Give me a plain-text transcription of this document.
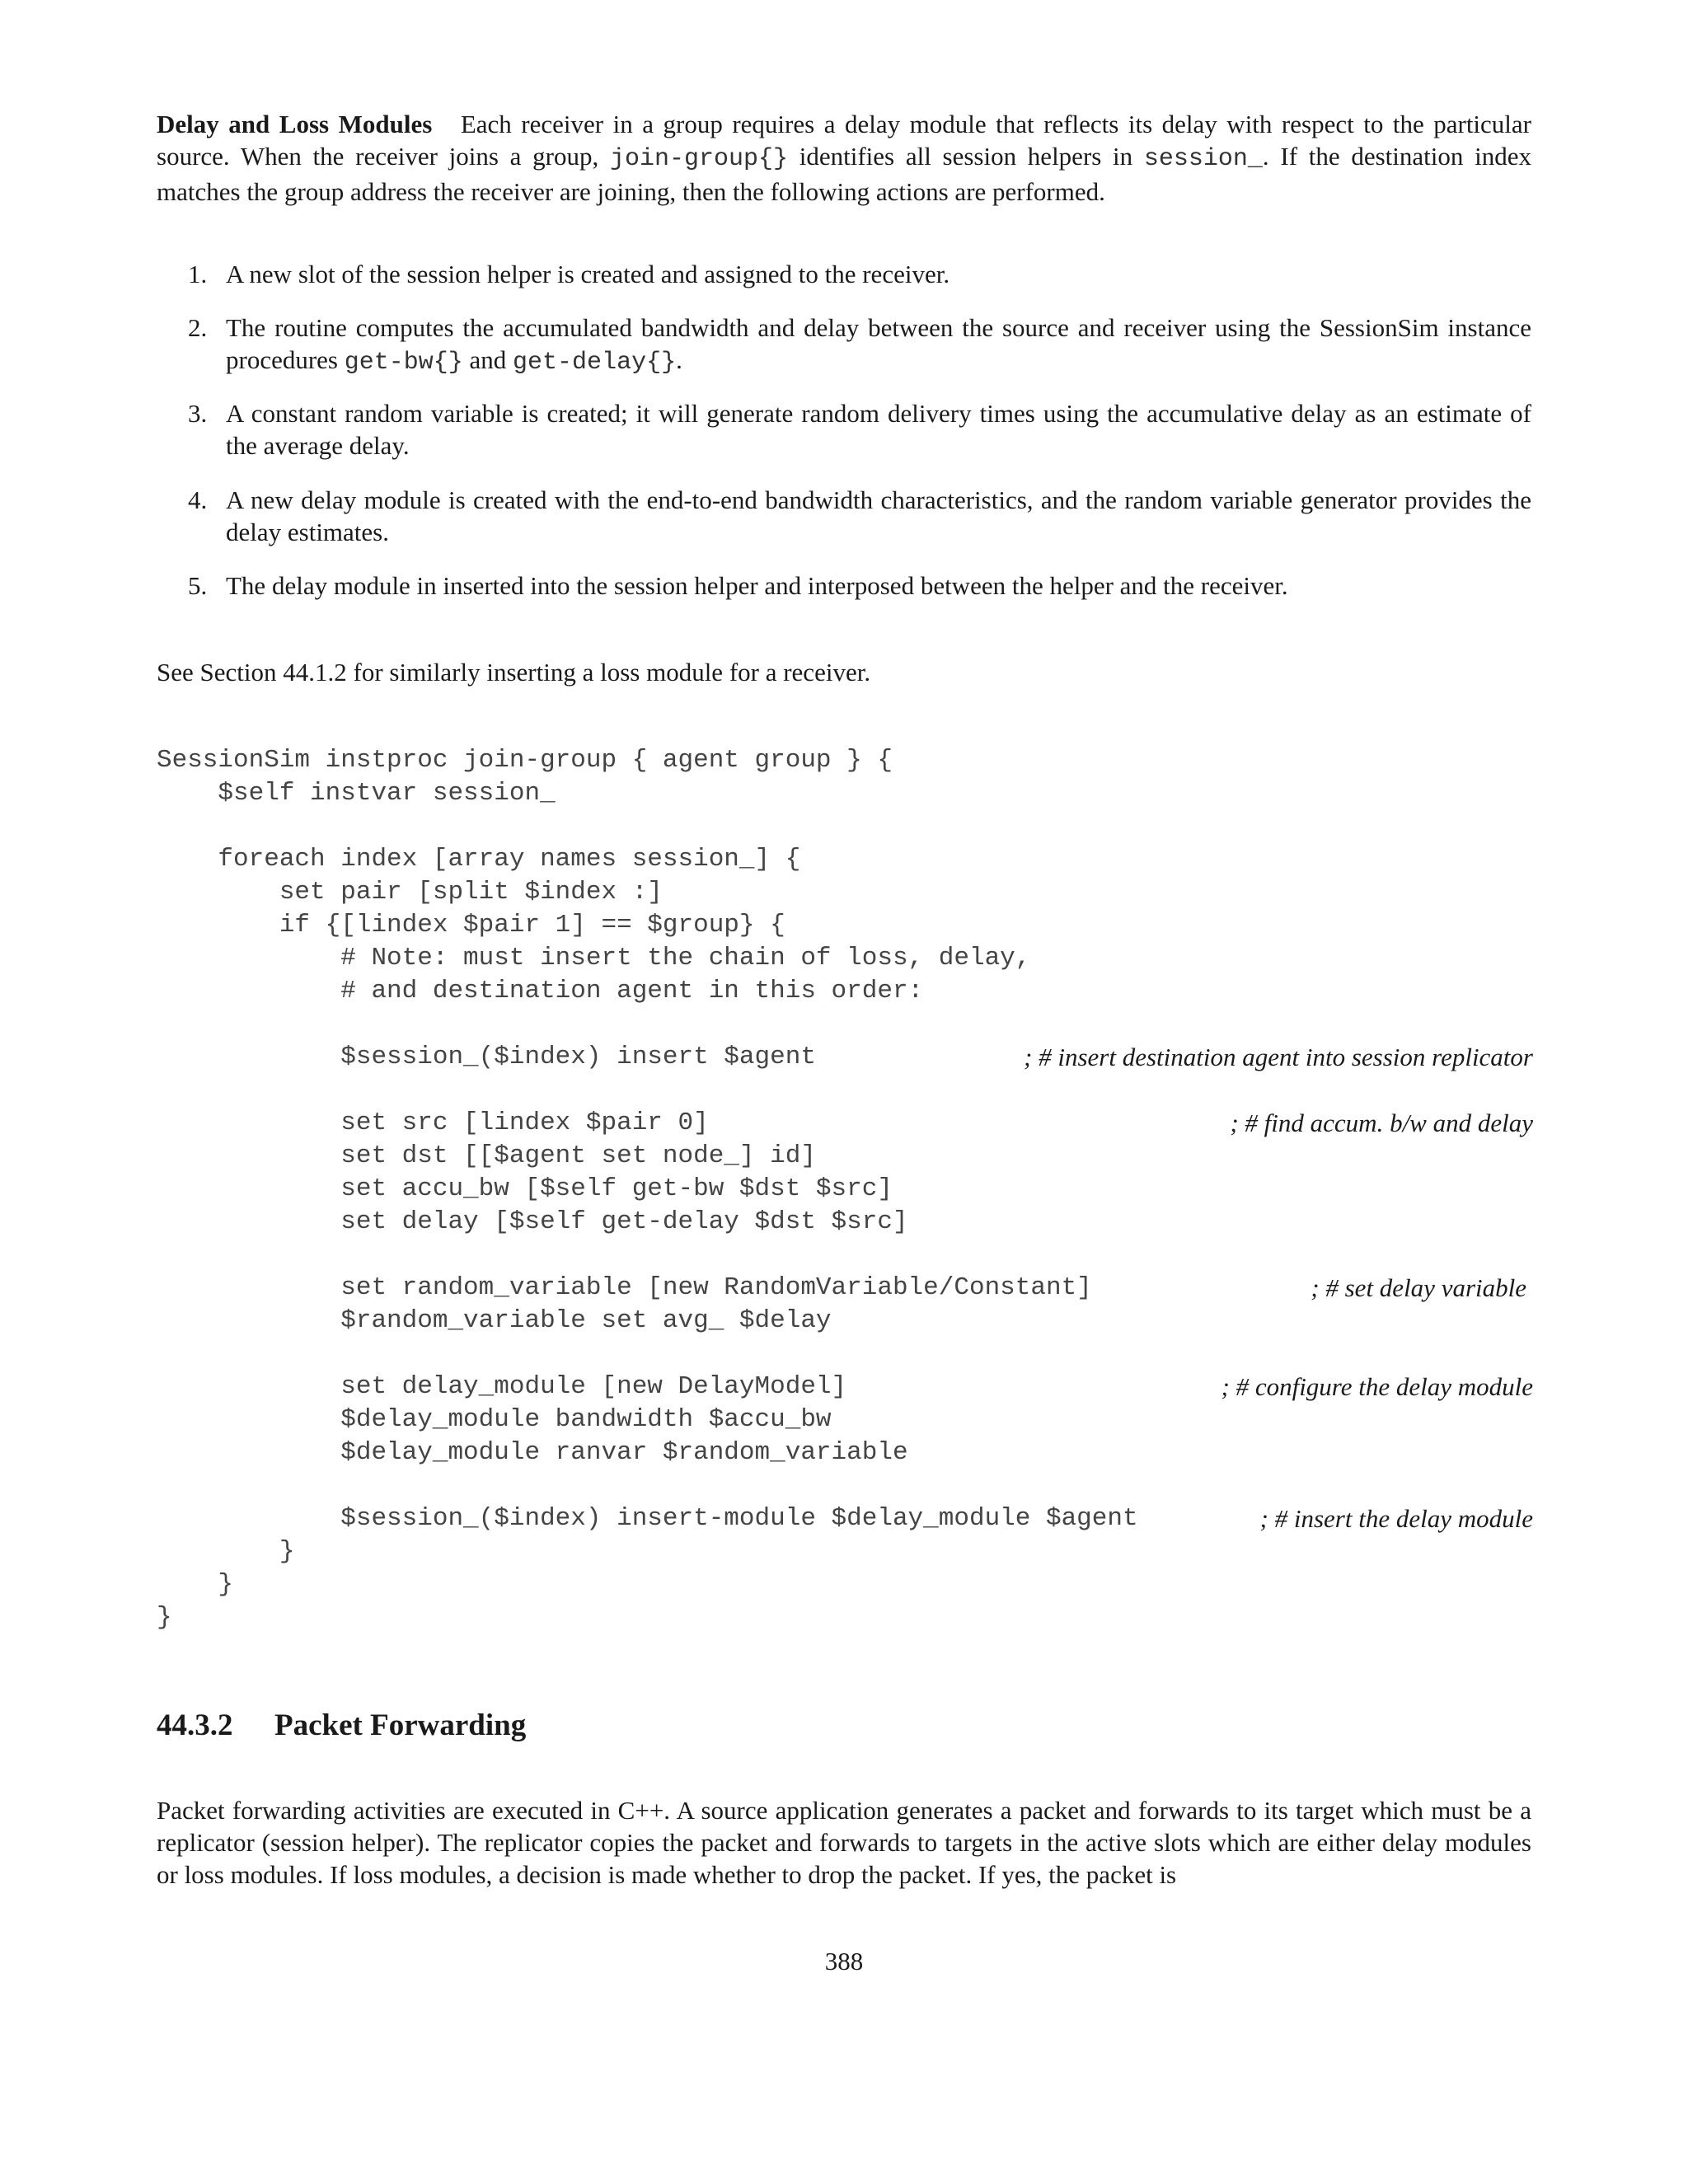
Delay and Loss Modules Each receiver in a group requires a delay module that reflects its delay with respect to the particular source. When the receiver joins a group, join-group{} identifies all session helpers in session_. If the destination index matches the group address the receiver are joining, then the following actions are performed.

1. A new slot of the session helper is created and assigned to the receiver.
2. The routine computes the accumulated bandwidth and delay between the source and receiver using the SessionSim instance procedures get-bw{} and get-delay{}.
3. A constant random variable is created; it will generate random delivery times using the accumulative delay as an estimate of the average delay.
4. A new delay module is created with the end-to-end bandwidth characteristics, and the random variable generator provides the delay estimates.
5. The delay module in inserted into the session helper and interposed between the helper and the receiver.

See Section 44.1.2 for similarly inserting a loss module for a receiver.

SessionSim instproc join-group { agent group } {
$self instvar session_
foreach index [array names session_] {
set pair [split $index :]
if {[lindex $pair 1] == $group} {
# Note: must insert the chain of loss, delay,
# and destination agent in this order:
$session_($index) insert $agent	; # insert destination agent into session replicator
set src [lindex $pair 0]	; # find accum. b/w and delay
set dst [[$agent set node_] id]
set accu_bw [$self get-bw $dst $src]
set delay [$self get-delay $dst $src]
set random_variable [new RandomVariable/Constant]	; # set delay variable
$random_variable set avg_ $delay
set delay_module [new DelayModel]	; # configure the delay module
$delay_module bandwidth $accu_bw
$delay_module ranvar $random_variable
$session_($index) insert-module $delay_module $agent	; # insert the delay module
}
}
}
44.3.2 Packet Forwarding

Packet forwarding activities are executed in C++. A source application generates a packet and forwards to its target which must be a replicator (session helper). The replicator copies the packet and forwards to targets in the active slots which are either delay modules or loss modules. If loss modules, a decision is made whether to drop the packet. If yes, the packet is

388
